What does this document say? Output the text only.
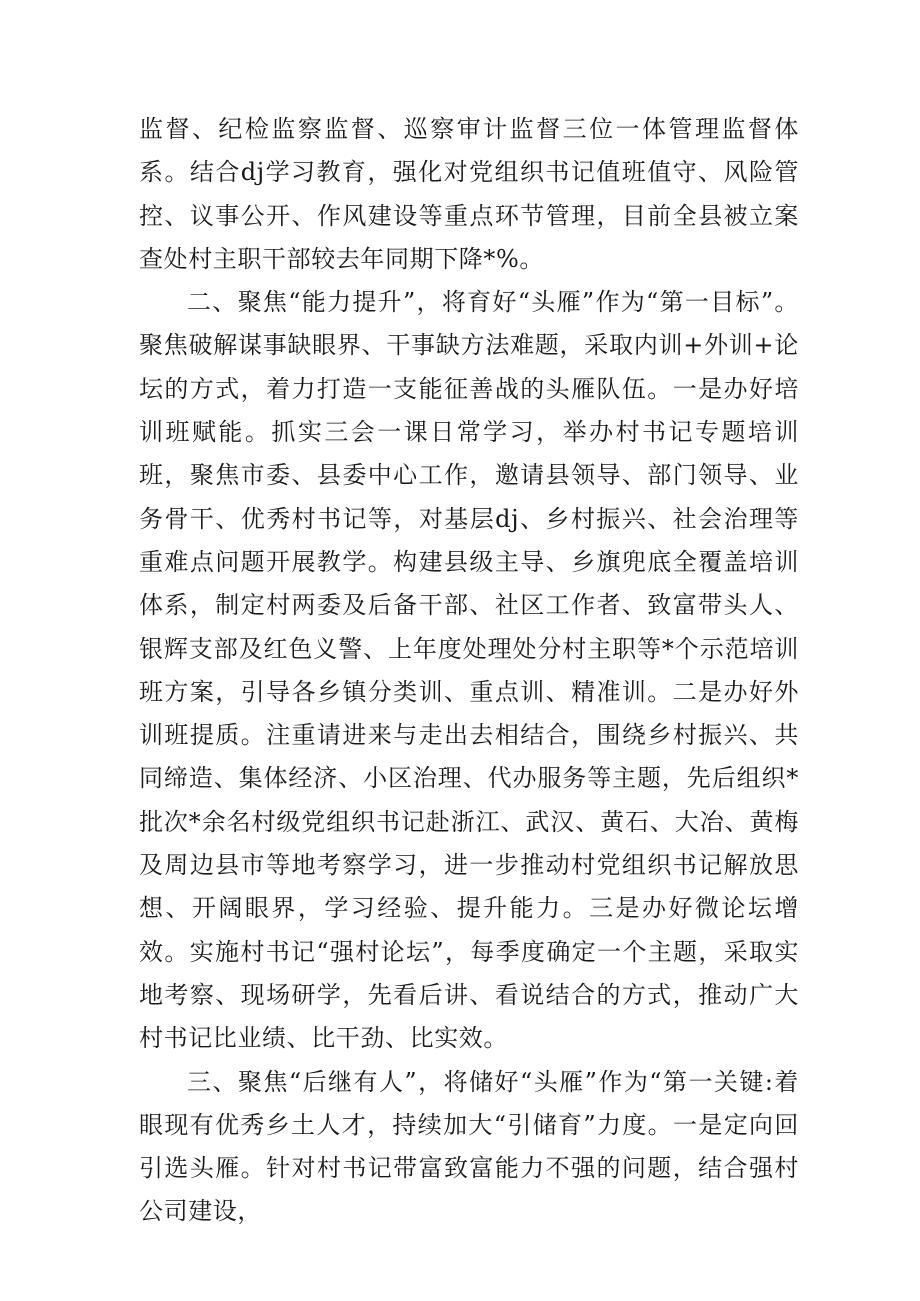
监督、纪检监察监督、巡察审计监督三位一体管理监督体系。结合dj学习教育，强化对党组织书记值班值守、风险管控、议事公开、作风建设等重点环节管理，目前全县被立案查处村主职干部较去年同期下降*%。

二、聚焦“能力提升”，将育好“头雁”作为“第一目标”。聚焦破解谋事缺眼界、干事缺方法难题，采取内训+外训+论坛的方式，着力打造一支能征善战的头雁队伍。一是办好培训班赋能。抓实三会一课日常学习，举办村书记专题培训班，聚焦市委、县委中心工作，邀请县领导、部门领导、业务骨干、优秀村书记等，对基层dj、乡村振兴、社会治理等重难点问题开展教学。构建县级主导、乡旗兜底全覆盖培训体系，制定村两委及后备干部、社区工作者、致富带头人、银辉支部及红色义警、上年度处理处分村主职等*个示范培训班方案，引导各乡镇分类训、重点训、精准训。二是办好外训班提质。注重请进来与走出去相结合，围绕乡村振兴、共同缔造、集体经济、小区治理、代办服务等主题，先后组织*批次*余名村级党组织书记赴浙江、武汉、黄石、大冶、黄梅及周边县市等地考察学习，进一步推动村党组织书记解放思想、开阔眼界，学习经验、提升能力。三是办好微论坛增效。实施村书记“强村论坛”，每季度确定一个主题，采取实地考察、现场研学，先看后讲、看说结合的方式，推动广大村书记比业绩、比干劲、比实效。

三、聚焦“后继有人”，将储好“头雁”作为“第一关键:着眼现有优秀乡土人才，持续加大“引储育”力度。一是定向回引选头雁。针对村书记带富致富能力不强的问题，结合强村公司建设，
